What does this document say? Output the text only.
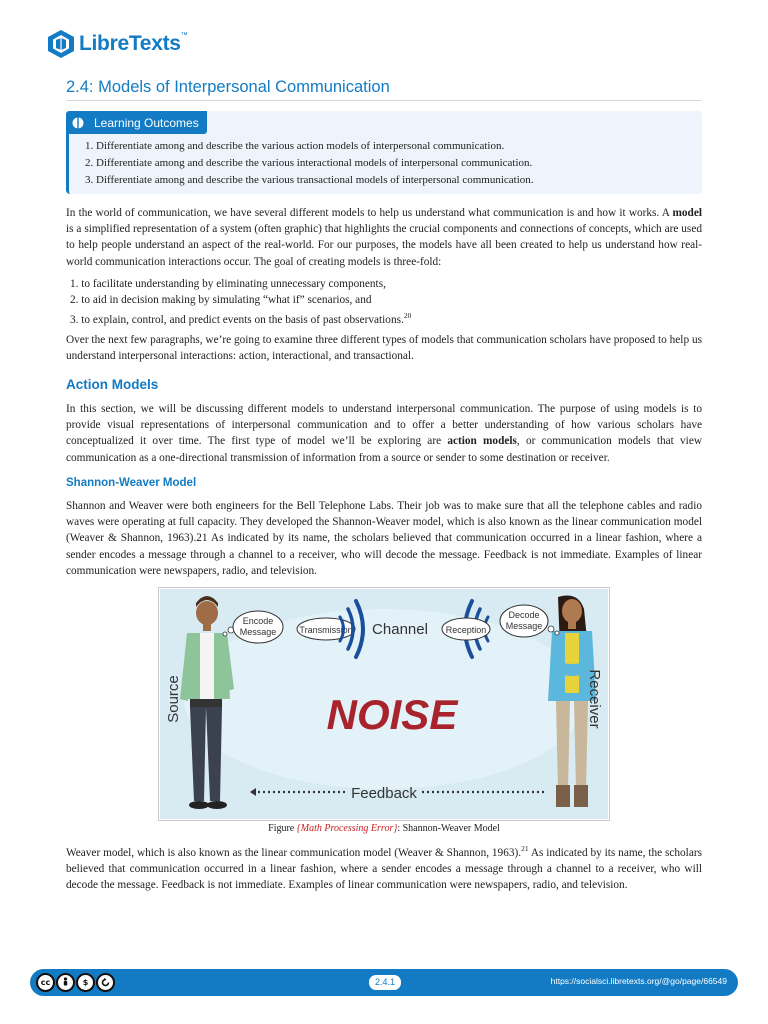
LibreTexts™
2.4: Models of Interpersonal Communication
Learning Outcomes
1. Differentiate among and describe the various action models of interpersonal communication.
2. Differentiate among and describe the various interactional models of interpersonal communication.
3. Differentiate among and describe the various transactional models of interpersonal communication.

In the world of communication, we have several different models to help us understand what communication is and how it works. A model is a simplified representation of a system (often graphic) that highlights the crucial components and connections of concepts, which are used to help people understand an aspect of the real-world. For our purposes, the models have all been created to help us understand how real-world communication interactions occur. The goal of creating models is three-fold:

1. to facilitate understanding by eliminating unnecessary components,
2. to aid in decision making by simulating “what if” scenarios, and
3. to explain, control, and predict events on the basis of past observations.$^{20}$

Over the next few paragraphs, we’re going to examine three different types of models that communication scholars have proposed to help us understand interpersonal interactions: action, interactional, and transactional.

Action Models

In this section, we will be discussing different models to understand interpersonal communication. The purpose of using models is to provide visual representations of interpersonal communication and to offer a better understanding of how various scholars have conceptualized it over time. The first type of model we’ll be exploring are action models, or communication models that view communication as a one-directional transmission of information from a source or sender to some destination or receiver.

Shannon-Weaver Model

Shannon and Weaver were both engineers for the Bell Telephone Labs. Their job was to make sure that all the telephone cables and radio waves were operating at full capacity. They developed the Shannon-Weaver model, which is also known as the linear communication model (Weaver & Shannon, 1963).21 As indicated by its name, the scholars believed that communication occurred in a linear fashion, where a sender encodes a message through a channel to a receiver, who will decode the message. Feedback is not immediate. Examples of linear communication were newspapers, radio, and television.

Source	Receiver
Encode
Message	Transmission Channel Reception
Decode
Message
NOISE
Feedback

Figure {Math Processing Error}: Shannon-Weaver Model

Weaver model, which is also known as the linear communication model (Weaver & Shannon, 1963).$^{21}$ As indicated by its name, the scholars believed that communication occurred in a linear fashion, where a sender encodes a message through a channel to a receiver, who will decode the message. Feedback is not immediate. Examples of linear communication were newspapers, radio, and television.

cc	$	2.4.1	https://socialsci.libretexts.org/@go/page/66549
